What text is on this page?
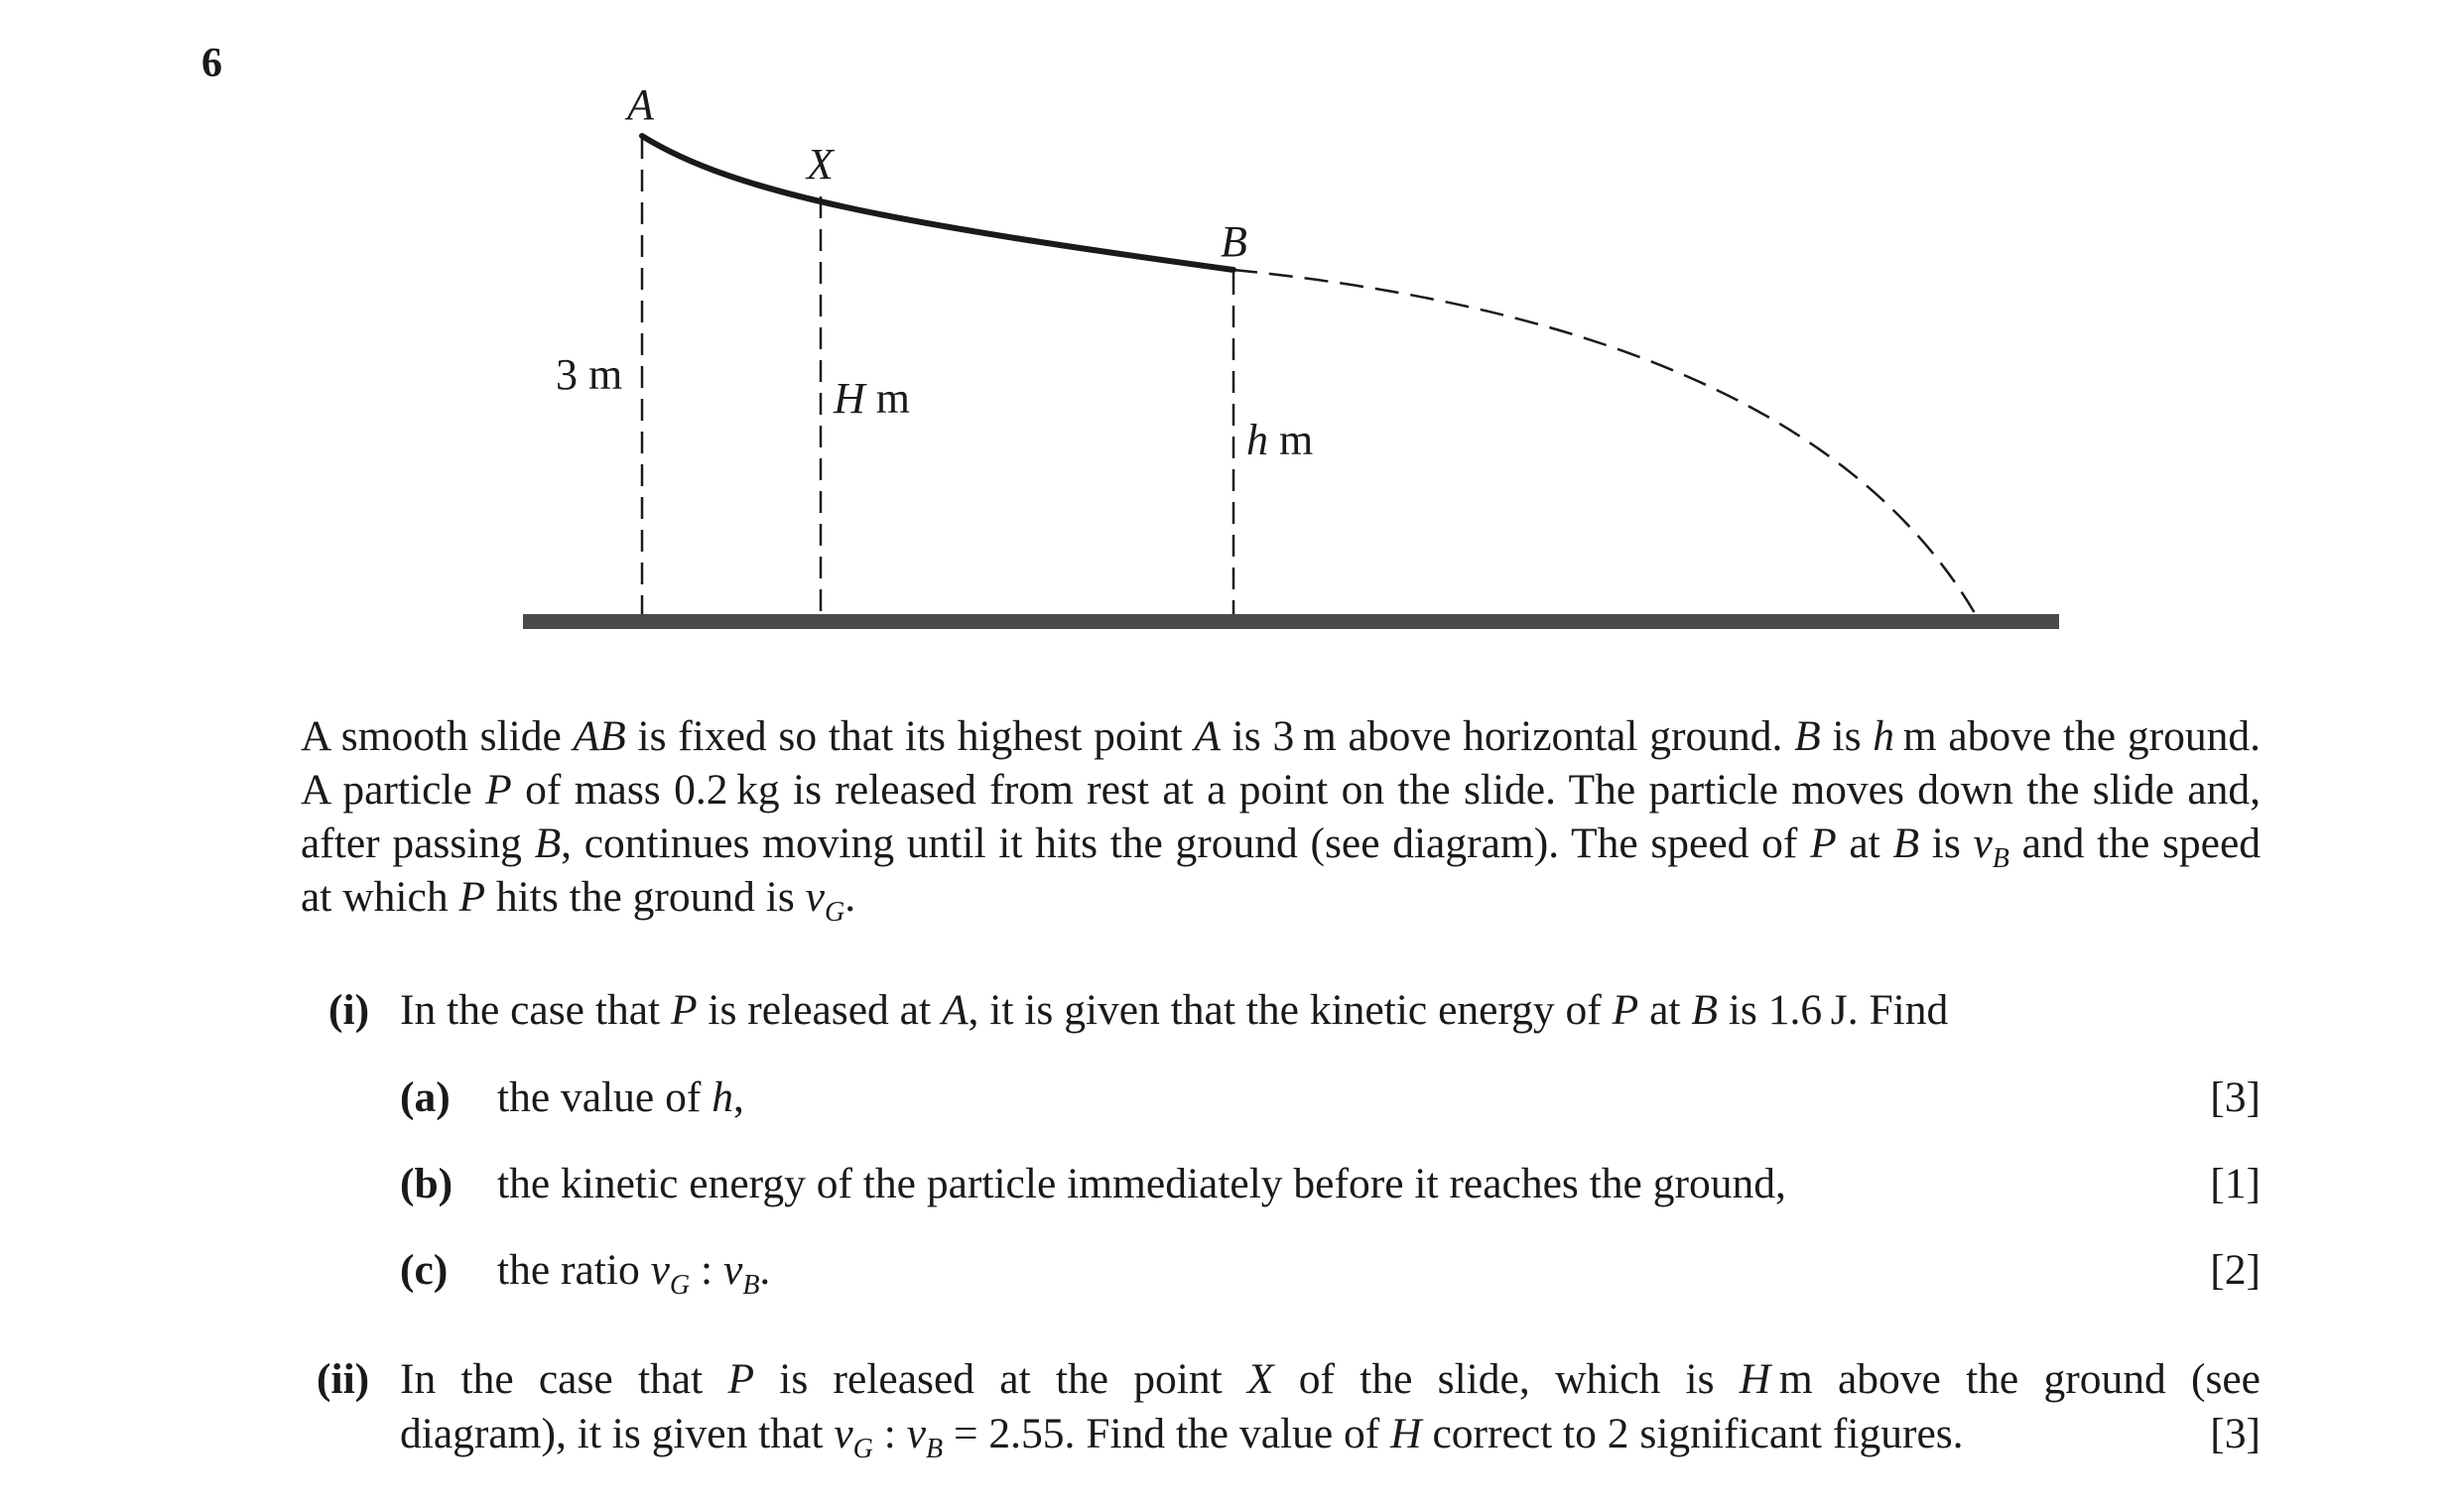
6
A
X
B
3 m	H m
h m
A smooth slide AB is fixed so that its highest point A is 3 m above horizontal ground. B is h m above the ground. A particle P of mass 0.2 kg is released from rest at a point on the slide. The particle moves down the slide and, after passing B, continues moving until it hits the ground (see diagram). The speed of P at B is $v_B$ and the speed at which P hits the ground is $v_G$.
(i) In the case that P is released at A, it is given that the kinetic energy of P at B is 1.6 J. Find
(a) the value of h,	[3]
(b) the kinetic energy of the particle immediately before it reaches the ground,	[1]
(c) the ratio $v_G$ : $v_B$.	[2]
(ii) In the case that P is released at the point X of the slide, which is H m above the ground (see
diagram), it is given that $v_G$ : $v_B = 2.55$. Find the value of H correct to 2 significant figures.	[3]
